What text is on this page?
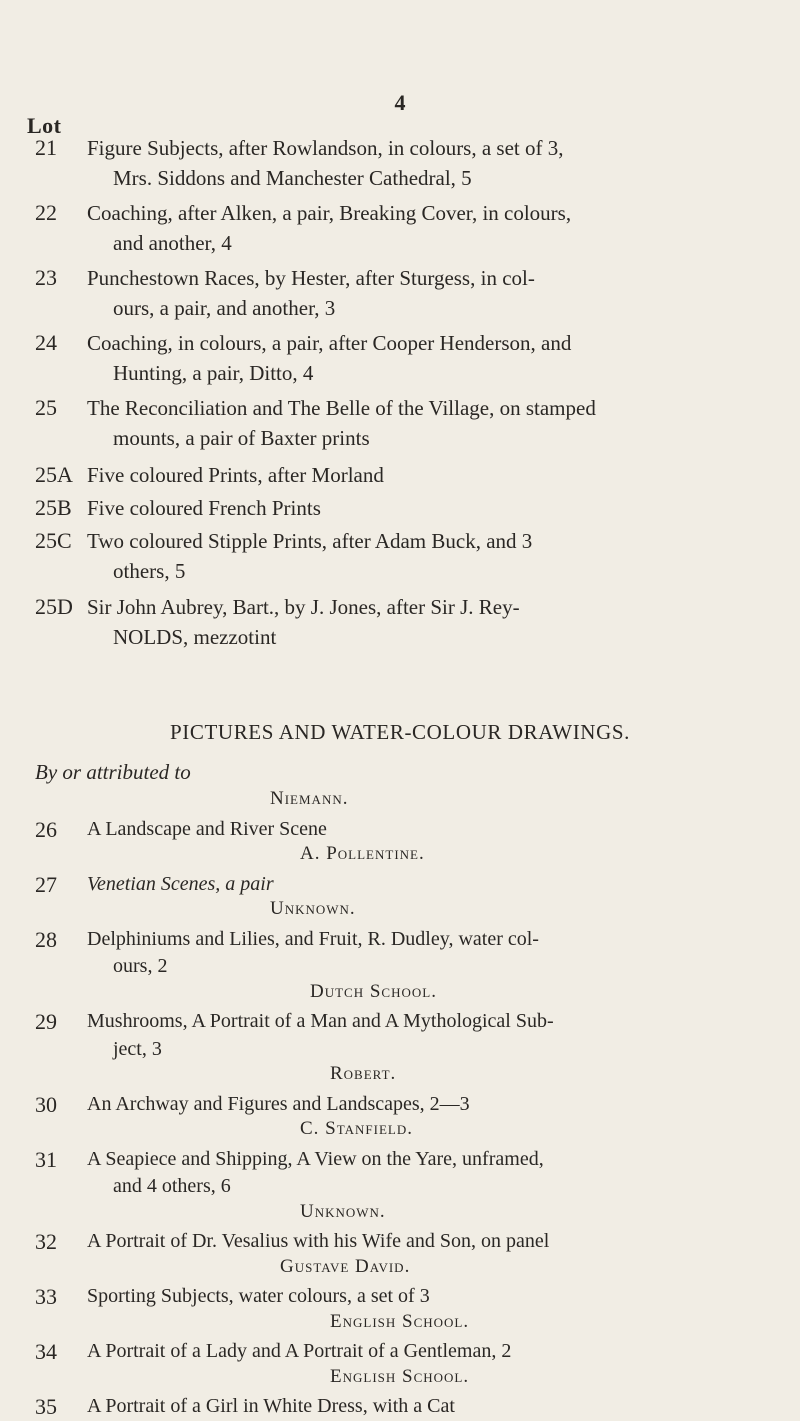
4
Lot
21	Figure Subjects, after Rowlandson, in colours, a set of 3,
Mrs. Siddons and Manchester Cathedral, 5
22	Coaching, after Alken, a pair, Breaking Cover, in colours,
and another, 4
23	Punchestown Races, by Hester, after Sturgess, in col-
ours, a pair, and another, 3
24	Coaching, in colours, a pair, after Cooper Henderson, and
Hunting, a pair, Ditto, 4
25	The Reconciliation and The Belle of the Village, on stamped
mounts, a pair of Baxter prints
25A Five coloured Prints, after Morland
25B Five coloured French Prints
25C Two coloured Stipple Prints, after Adam Buck, and 3
others, 5
25D Sir John Aubrey, Bart., by J. Jones, after Sir J. Rey-
NOLDS, mezzotint
PICTURES AND WATER-COLOUR DRAWINGS.
By or attributed to
Niemann.
26	A Landscape and River Scene
A. Pollentine.
27	Venetian Scenes, a pair
Unknown.
28	Delphiniums and Lilies, and Fruit, R. Dudley, water col-
ours, 2
Dutch School.
29	Mushrooms, A Portrait of a Man and A Mythological Sub-
ject, 3
Robert.
30	An Archway and Figures and Landscapes, 2—3
C. Stanfield.
31	A Seapiece and Shipping, A View on the Yare, unframed,
and 4 others, 6
Unknown.
32	A Portrait of Dr. Vesalius with his Wife and Son, on panel
Gustave David.
33	Sporting Subjects, water colours, a set of 3
English School.
34	A Portrait of a Lady and A Portrait of a Gentleman, 2
English School.
35	A Portrait of a Girl in White Dress, with a Cat
